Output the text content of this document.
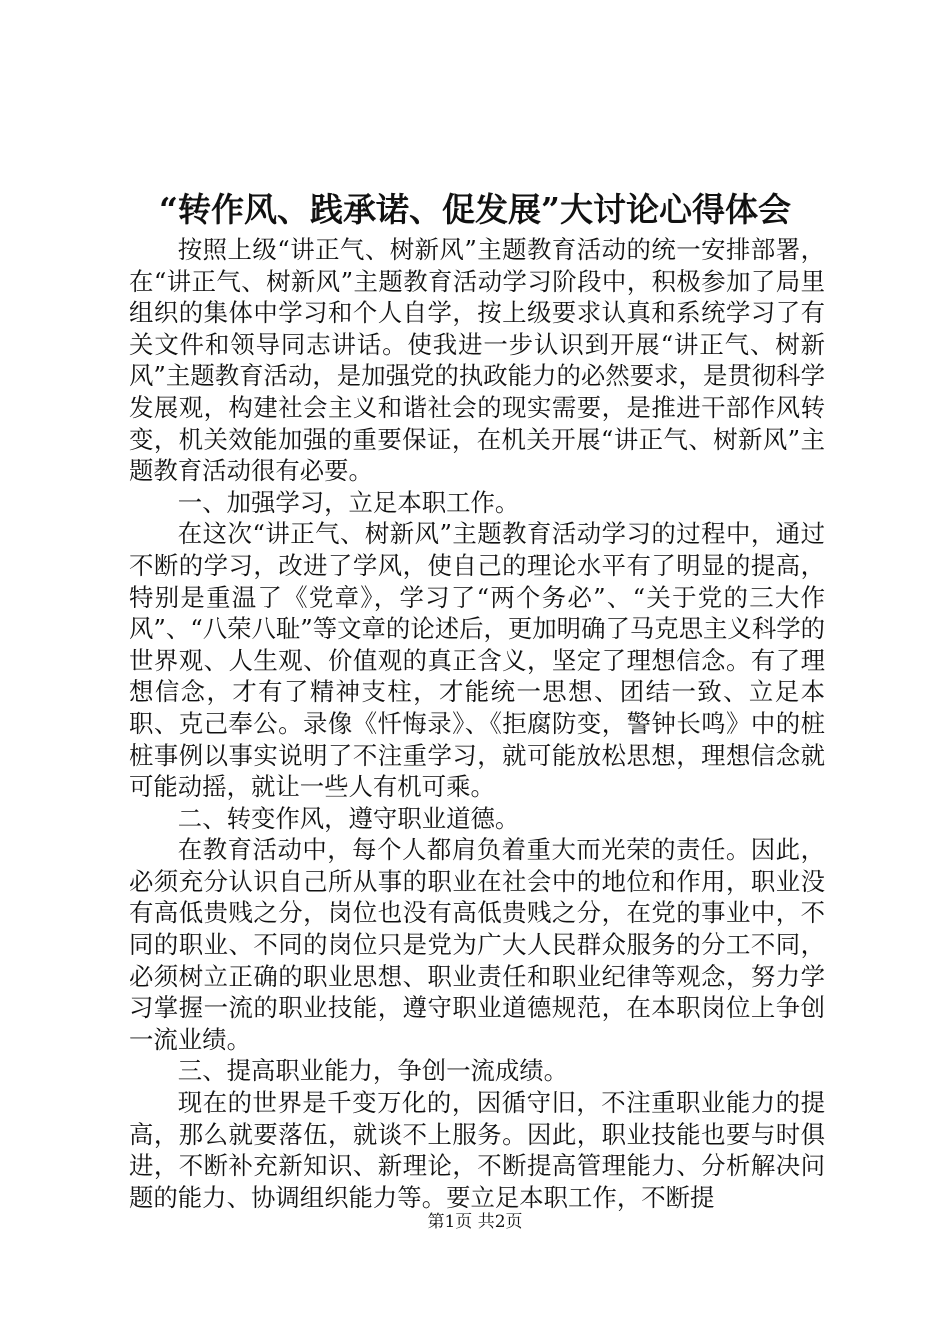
“转作风、践承诺、促发展”大讨论心得体会

按照上级“讲正气、树新风”主题教育活动的统一安排部署，在“讲正气、树新风”主题教育活动学习阶段中，积极参加了局里组织的集体中学习和个人自学，按上级要求认真和系统学习了有关文件和领导同志讲话。使我进一步认识到开展“讲正气、树新风”主题教育活动，是加强党的执政能力的必然要求，是贯彻科学发展观，构建社会主义和谐社会的现实需要，是推进干部作风转变，机关效能加强的重要保证，在机关开展“讲正气、树新风”主题教育活动很有必要。

一、加强学习，立足本职工作。

在这次“讲正气、树新风”主题教育活动学习的过程中，通过不断的学习，改进了学风，使自己的理论水平有了明显的提高，特别是重温了《党章》，学习了“两个务必”、“关于党的三大作风”、“八荣八耻”等文章的论述后，更加明确了马克思主义科学的世界观、人生观、价值观的真正含义，坚定了理想信念。有了理想信念，才有了精神支柱，才能统一思想、团结一致、立足本职、克己奉公。录像《忏悔录》、《拒腐防变，警钟长鸣》中的桩桩事例以事实说明了不注重学习，就可能放松思想，理想信念就可能动摇，就让一些人有机可乘。

二、转变作风，遵守职业道德。

在教育活动中，每个人都肩负着重大而光荣的责任。因此，必须充分认识自己所从事的职业在社会中的地位和作用，职业没有高低贵贱之分，岗位也没有高低贵贱之分，在党的事业中，不同的职业、不同的岗位只是党为广大人民群众服务的分工不同，必须树立正确的职业思想、职业责任和职业纪律等观念，努力学习掌握一流的职业技能，遵守职业道德规范，在本职岗位上争创一流业绩。

三、提高职业能力，争创一流成绩。

现在的世界是千变万化的，因循守旧，不注重职业能力的提高，那么就要落伍，就谈不上服务。因此，职业技能也要与时俱进，不断补充新知识、新理论，不断提高管理能力、分析解决问题的能力、协调组织能力等。要立足本职工作，不断提

第1页 共2页
